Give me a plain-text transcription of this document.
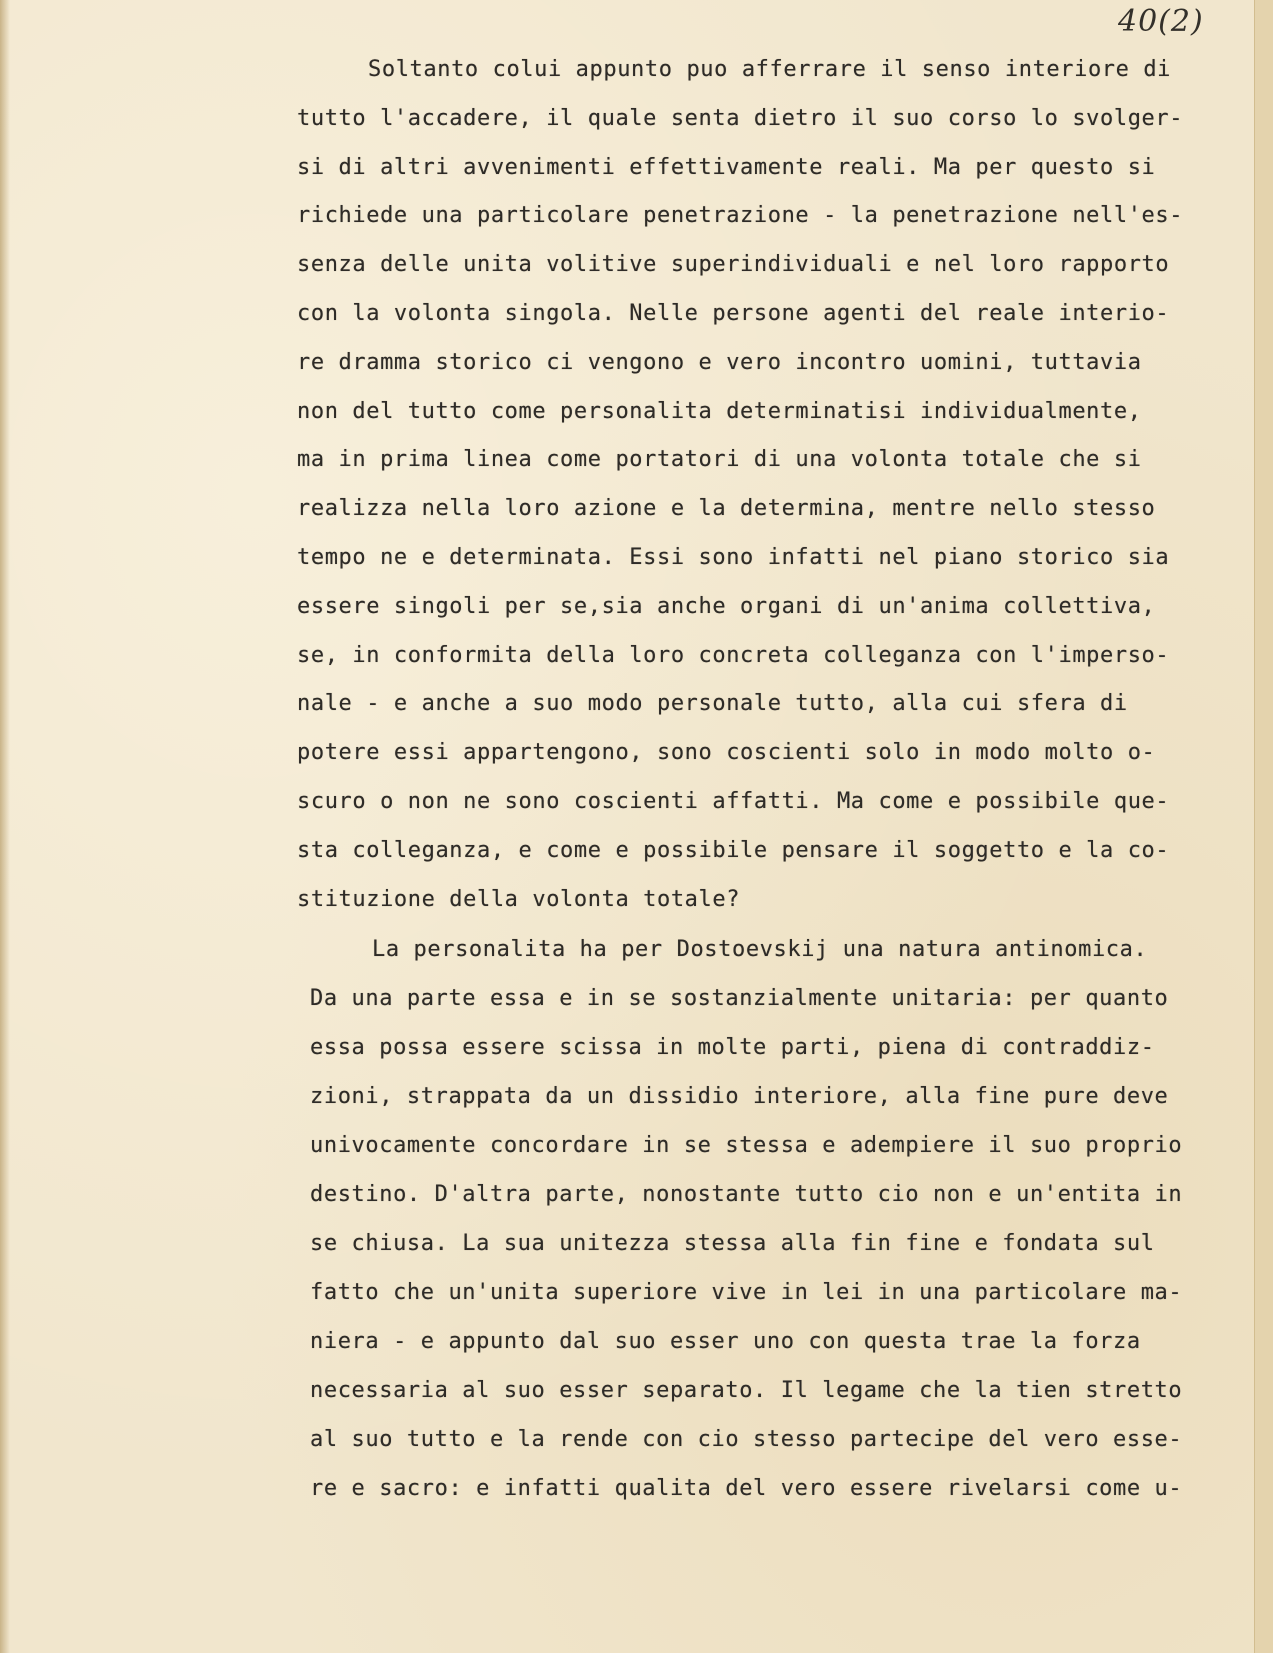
40(2)
Soltanto colui appunto puo afferrare il senso interiore di
tutto l'accadere, il quale senta dietro il suo corso lo svolger-
si di altri avvenimenti effettivamente reali. Ma per questo si
richiede una particolare penetrazione - la penetrazione nell'es-
senza delle unita volitive superindividuali e nel loro rapporto
con la volonta singola. Nelle persone agenti del reale interio-
re dramma storico ci vengono e vero incontro uomini, tuttavia
non del tutto come personalita determinatisi individualmente,
ma in prima linea come portatori di una volonta totale che si
realizza nella loro azione e la determina, mentre nello stesso
tempo ne e determinata. Essi sono infatti nel piano storico sia
essere singoli per se,sia anche organi di un'anima collettiva,
se, in conformita della loro concreta colleganza con l'imperso-
nale - e anche a suo modo personale tutto, alla cui sfera di
potere essi appartengono, sono coscienti solo in modo molto o-
scuro o non ne sono coscienti affatti. Ma come e possibile que-
sta colleganza, e come e possibile pensare il soggetto e la co-
stituzione della volonta totale?
La personalita ha per Dostoevskij una natura antinomica.
Da una parte essa e in se sostanzialmente unitaria: per quanto
essa possa essere scissa in molte parti, piena di contraddiz-
zioni, strappata da un dissidio interiore, alla fine pure deve
univocamente concordare in se stessa e adempiere il suo proprio
destino. D'altra parte, nonostante tutto cio non e un'entita in
se chiusa. La sua unitezza stessa alla fin fine e fondata sul
fatto che un'unita superiore vive in lei in una particolare ma-
niera - e appunto dal suo esser uno con questa trae la forza
necessaria al suo esser separato. Il legame che la tien stretto
al suo tutto e la rende con cio stesso partecipe del vero esse-
re e sacro: e infatti qualita del vero essere rivelarsi come u-
